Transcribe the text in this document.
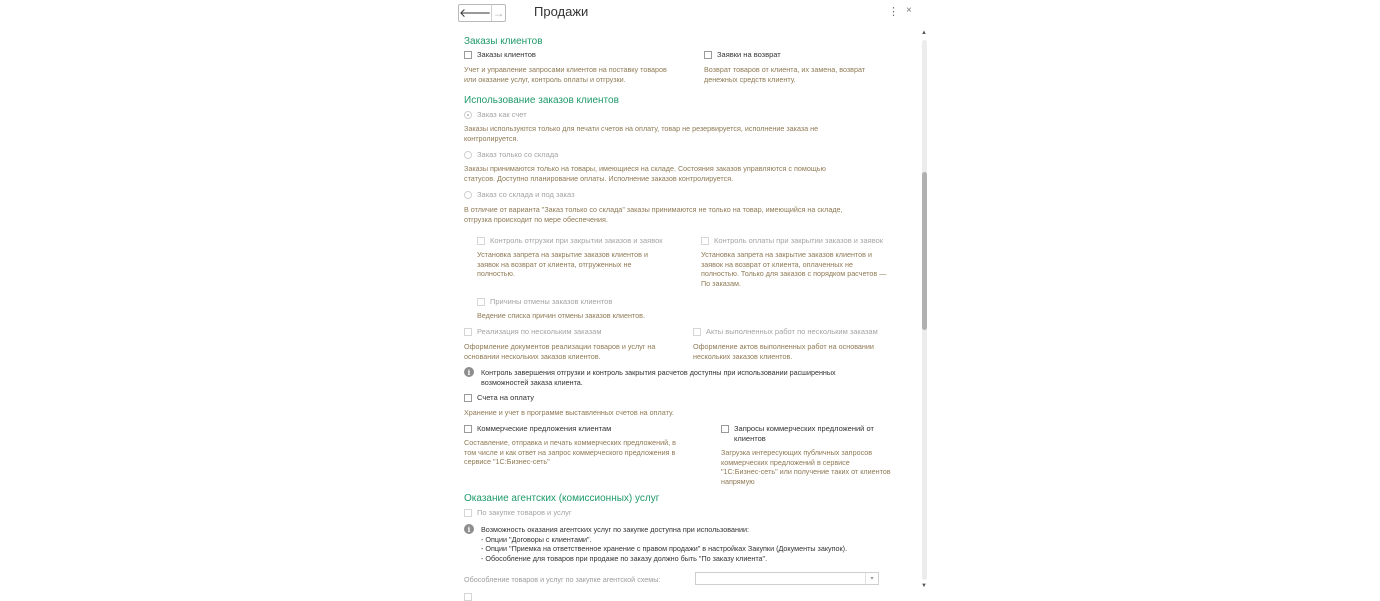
🡐 → Продажи	⋮ ×
▲
▼
Заказы клиентов
Заказы клиентов
Учет и управление запросами клиентов на поставку товаров
или оказание услуг, контроль оплаты и отгрузки.
Заявки на возврат
Возврат товаров от клиента, их замена, возврат
денежных средств клиенту.
Использование заказов клиентов
Заказ как счет
Заказы используются только для печати счетов на оплату, товар не резервируется, исполнение заказа не
контролируется.
Заказ только со склада
Заказы принимаются только на товары, имеющиеся на складе. Состояния заказов управляются с помощью
статусов. Доступно планирование оплаты. Исполнение заказов контролируется.
Заказ со склада и под заказ
В отличие от варианта "Заказ только со склада" заказы принимаются не только на товар, имеющийся на складе,
отгрузка происходит по мере обеспечения.
Контроль отгрузки при закрытии заказов и заявок
Установка запрета на закрытие заказов клиентов и
заявок на возврат от клиента, отгруженных не
полностью.
Контроль оплаты при закрытии заказов и заявок
Установка запрета на закрытие заказов клиентов и
заявок на возврат от клиента, оплаченных не
полностью. Только для заказов с порядком расчетов —
По заказам.
Причины отмены заказов клиентов
Ведение списка причин отмены заказов клиентов.
Реализация по нескольким заказам
Оформление документов реализации товаров и услуг на
основании нескольких заказов клиентов.
Акты выполненных работ по нескольким заказам
Оформление актов выполненных работ на основании
нескольких заказов клиентов.
i	Контроль завершения отгрузки и контроль закрытия расчетов доступны при использовании расширенных
возможностей заказа клиента.
Счета на оплату
Хранение и учет в программе выставленных счетов на оплату.
Коммерческие предложения клиентам
Составление, отправка и печать коммерческих предложений, в
том числе и как ответ на запрос коммерческого предложения в
сервисе "1С:Бизнес-сеть"
Запросы коммерческих предложений от
клиентов
Загрузка интересующих публичных запросов
коммерческих предложений в сервисе
"1С:Бизнес-сеть" или получение таких от клиентов
напрямую
Оказание агентских (комиссионных) услуг
По закупке товаров и услуг
i	Возможность оказания агентских услуг по закупке доступна при использовании:
- Опции "Договоры с клиентами".
- Опции "Приемка на ответственное хранение с правом продажи" в настройках Закупки (Документы закупок).
- Обособление для товаров при продаже по заказу должно быть "По заказу клиента".
Обособление товаров и услуг по закупке агентской схемы:	▾
